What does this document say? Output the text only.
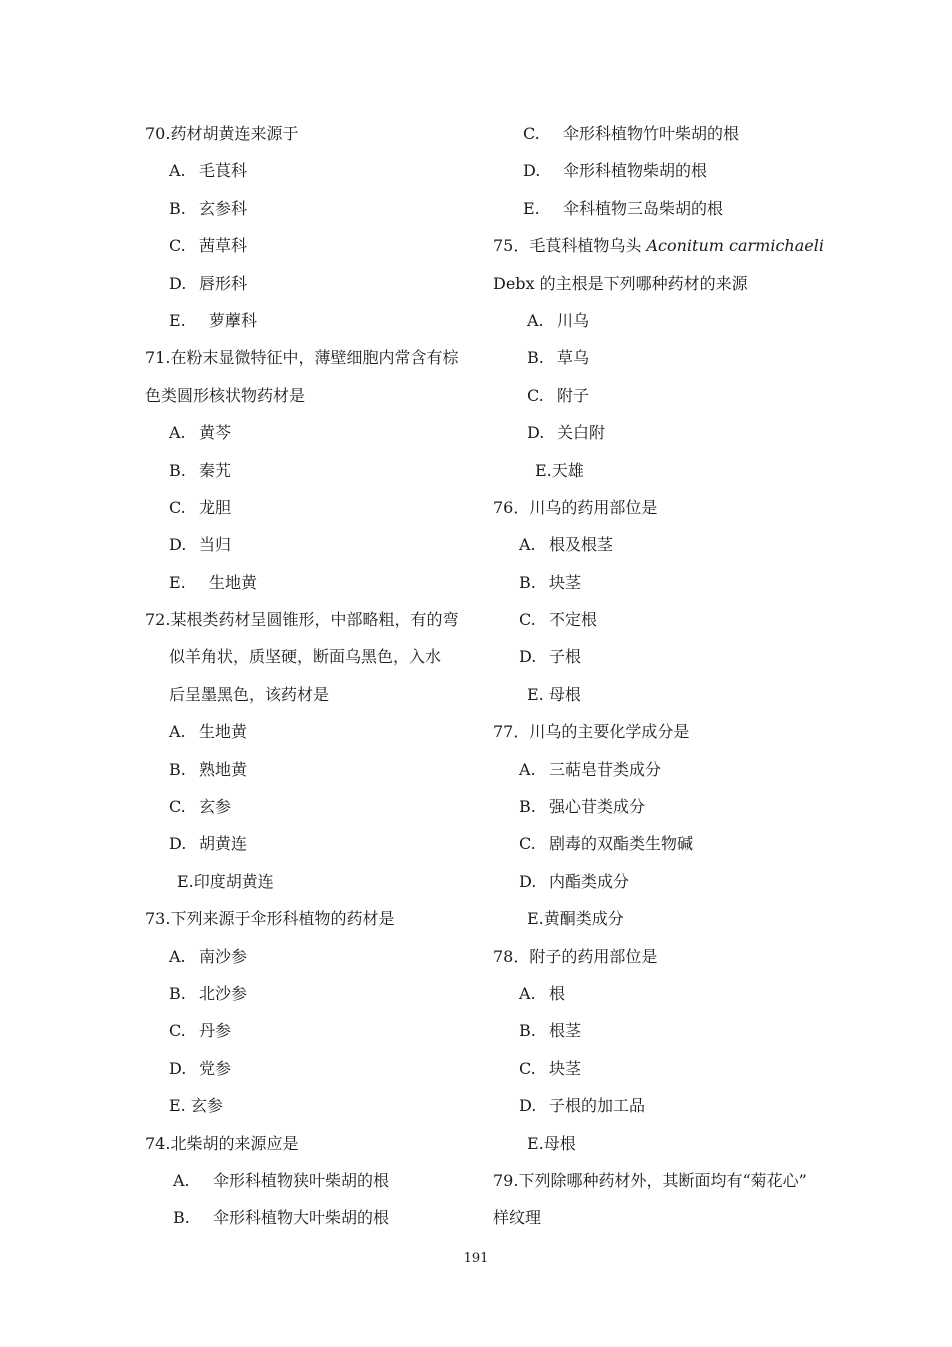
70.药材胡黄连来源于
A. 毛茛科
B. 玄参科
C. 茜草科
D. 唇形科
E. 萝藦科
71.在粉末显微特征中，薄壁细胞内常含有棕
色类圆形核状物药材是
A. 黄芩
B. 秦艽
C. 龙胆
D. 当归
E. 生地黄
72.某根类药材呈圆锥形，中部略粗，有的弯
似羊角状，质坚硬，断面乌黑色，入水
后呈墨黑色，该药材是
A. 生地黄
B. 熟地黄
C. 玄参
D. 胡黄连
E.印度胡黄连
73.下列来源于伞形科植物的药材是
A. 南沙参
B. 北沙参
C. 丹参
D. 党参
E. 玄参
74.北柴胡的来源应是
A. 伞形科植物狭叶柴胡的根
B. 伞形科植物大叶柴胡的根
C. 伞形科植物竹叶柴胡的根
D. 伞形科植物柴胡的根
E. 伞科植物三岛柴胡的根
75．毛茛科植物乌头 Aconitum carmichaeli
Debx 的主根是下列哪种药材的来源
A. 川乌
B. 草乌
C. 附子
D. 关白附
E.天雄
76．川乌的药用部位是
A. 根及根茎
B. 块茎
C. 不定根
D. 子根
E. 母根
77．川乌的主要化学成分是
A. 三萜皂苷类成分
B. 强心苷类成分
C. 剧毒的双酯类生物碱
D. 内酯类成分
E.黄酮类成分
78．附子的药用部位是
A. 根
B. 根茎
C. 块茎
D. 子根的加工品
E.母根
79.下列除哪种药材外，其断面均有“菊花心”
样纹理
191
